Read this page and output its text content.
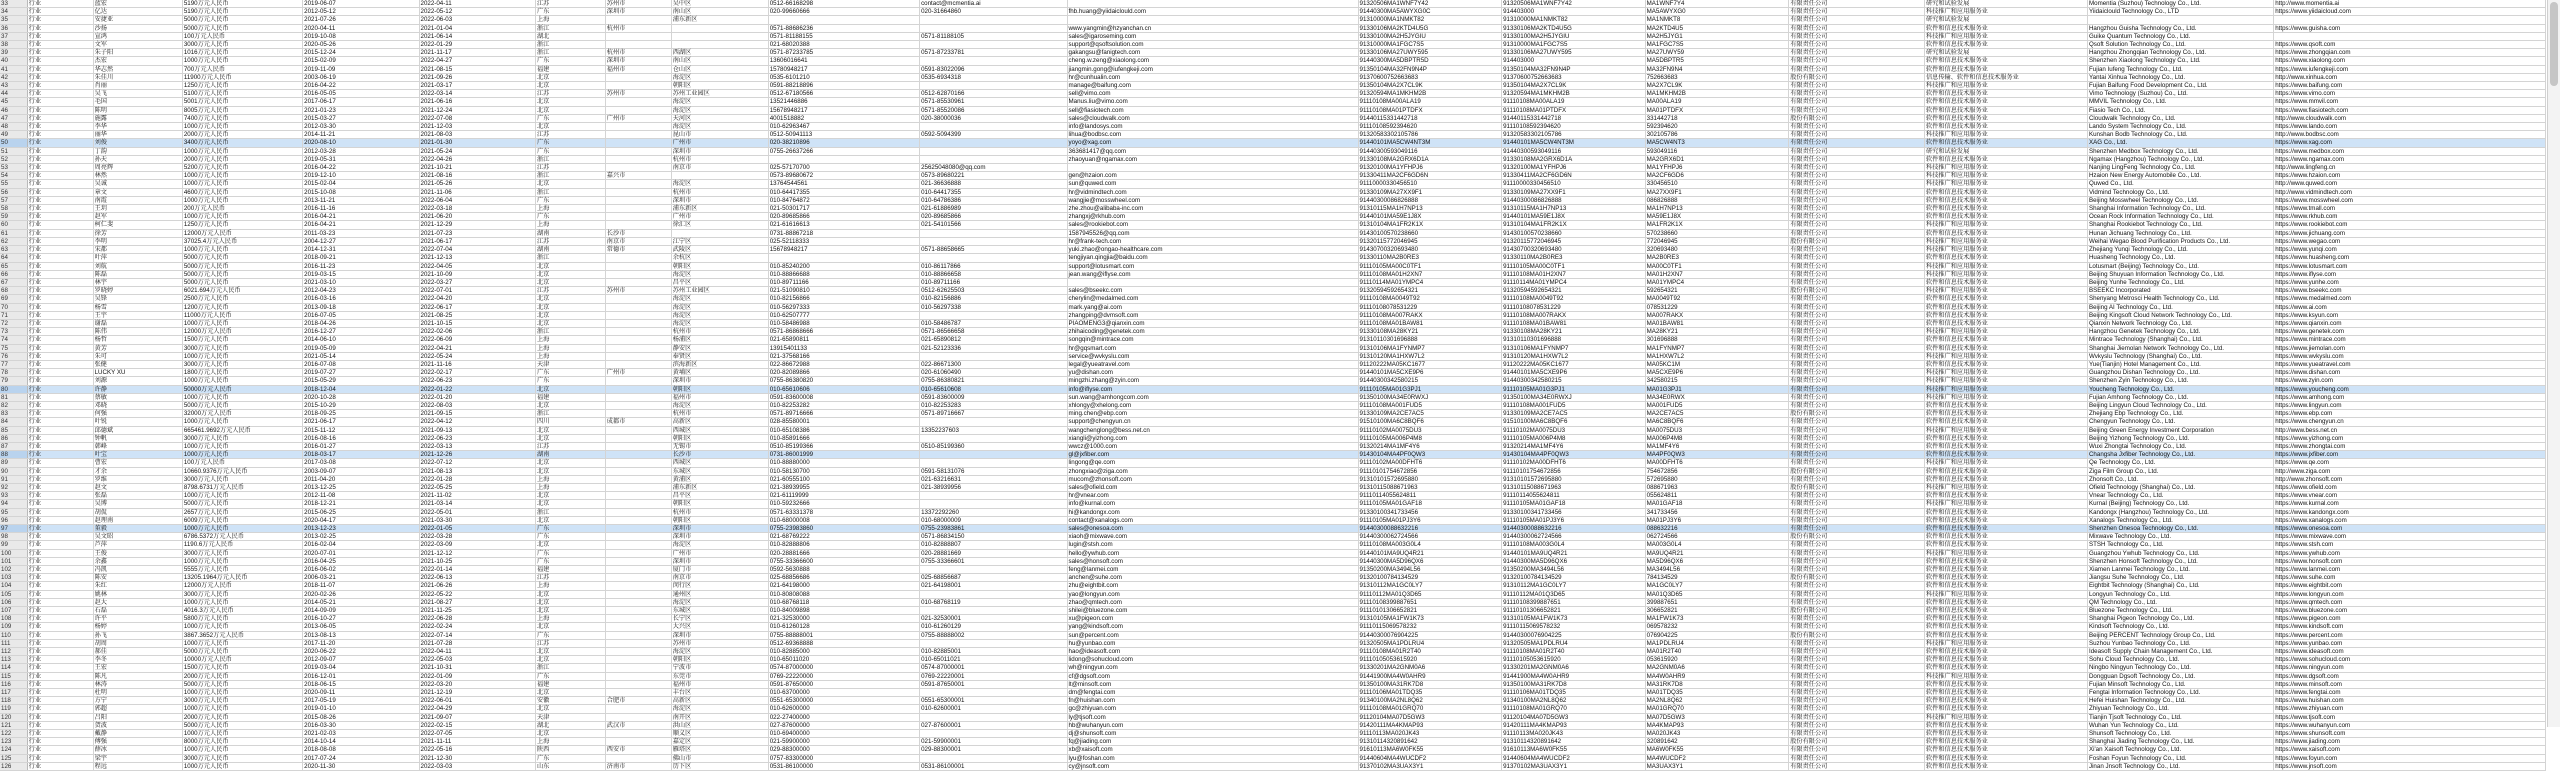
33	行业	蓝宏	5190万元人民币	2019-06-07	2022-04-11	江苏	苏州市	吴中区	0512-66168298	contact@mcmentia.ai		91320506MA1WNF7Y42	91320506MA1WNF7Y42	MA1WNF7Y4	有限责任公司	研究和试验发展	Momentia (Suzhou) Technology Co., Ltd.	http://www.momentia.ai
34	行业	亿达	5190万元人民币	2012-05-12	2022-05-12	广东	深圳市	南山区	020-99660666	020-31664860	fhb.huang@yiidaiclould.com	91440300MA5AWYXG0C	914403000	MA5AWYXG0	有限责任公司	科技推广和应用服务业	Yiidaiclould Technology Co., LTD	https://www.yiidaicloud.com
35	行业	安捷亚	5000万元人民币	2021-07-26	2022-06-03	上海		浦东新区				91310000MA1NMKT82	91310000MA1NMKT82	MA1NMKT8	有限责任公司	研究和试验发展		
36	行业	沙扬	5000万元人民币	2020-04-11	2021-01-04	浙江	杭州市		0571-88686236		www.yangmin@hzyanchan.cn	91330106MA2KTD4U5G	91330106MA2KTD4U5G	MA2KTD4U5	有限责任公司	软件和信息技术服务业	Hangzhou Guisha Technology Co., Ltd.	https://www.guisha.com
37	行业	宣鸿	100万元人民币	2019-10-08	2021-06-14	湖北			0571-81188155	0571-81188105	sales@igaroseming.com	91330100MA2H5JYGIU	91330100MA2H5JYGIU	MA2H5JYG1	有限责任公司	科技推广和应用服务业	Guike Quantum Technology Co., Ltd.	
38	行业	文军	3000万元人民币	2020-05-26	2022-01-29	浙江			021-68020388		support@qsoftsolution.com	91310000MA1FGC7S5	91310000MA1FGC7S5	MA1FGC7S5	有限责任公司	软件和信息技术服务业	Qsoft Solution Technology Co., Ltd.	https://www.qsoft.com
39	行业	朱子阳	1016万元人民币	2015-12-24	2021-11-17	浙江	杭州市	西湖区	0571-87233785	0571-87233781	gakangsu@fanigtech.com	91330106MA27UWY595	91330106MA27UWY595	MA27UWY59	有限责任公司	研究和试验发展	Hangzhou Zhongqian Technology Co., Ltd.	https://www.zhongqian.com
40	行业	杰宏	1000万元人民币	2015-02-09	2022-04-27	广东	深圳市	南山区	13606016641		cheng.w.zeng@xiaolong.com	91440300MA5DBPTR5D	914403000	MA5DBPTR5	有限责任公司	软件和信息技术服务业	Shenzhen Xiaolong Technology Co., Ltd.	https://www.xiaolong.com
41	行业	华志然	700万元人民币	2019-11-09	2021-08-15	福建	福州市	仓山区	15780948217	0591-83022096	jiangmin.gong@iufengkeji.com	91350104MA32FN9N4P	91350104MA32FN9N4P	MA32FN9N4	有限责任公司	软件和信息技术服务业	Fujian Iufeng Technology Co., Ltd.	https://www.iufengkeji.com
42	行业	朱佳川	11900万元人民币	2003-06-19	2021-09-26	北京		海淀区	0535-6101210	0535-6934318	hr@cunhualin.com	91370600752663683	91370600752663683	752663683	股份有限公司	信息传输、软件和信息技术服务业	Yantai Xinhua Technology Co., Ltd.	http://www.xinhua.com
43	行业	肖丽	1250万元人民币	2016-04-22	2021-03-17	北京		朝阳区	0591-88218896		manage@baifung.com	91350104MA2X7CL9K	91350104MA2X7CL9K	MA2X7CL9K	有限责任公司	科技推广和应用服务业	Fujian Baifung Food Development Co., Ltd.	https://www.baifung.com
44	行业	吴飞	5100万元人民币	2016-05-05	2022-03-14	江苏	苏州市	苏州工业园区	0512-67180566	0512-62870166	sell@vimo.com	91320594MA1MKHM2B	91320594MA1MKHM2B	MA1MKHM2B	有限责任公司	软件和信息技术服务业	Vimo Technology (Suzhou) Co., Ltd.	https://www.vimo.com
45	行业	毛国	5001万元人民币	2017-06-17	2021-06-16	北京		海淀区	13521446886	0571-85530961	Manus.liu@vimo.com	91110108MA00ALA19	91110108MA00ALA19	MA00ALA19	有限责任公司	软件和信息技术服务业	MMVIL Technology Co., Ltd.	https://www.mmvil.com
46	行业	陈明	8005万元人民币	2021-01-23	2021-12-24	北京		海淀区	15678948217	0571-85520086	sell@fiasiotech.com	91110108MA01PTDFX	91110108MA01PTDFX	MA01PTDFX	有限责任公司	软件和信息技术服务业	Fiasio Tech Co., Ltd.	https://www.fiasiotech.com
47	行业	施露	7400万元人民币	2015-03-27	2022-07-08	广东	广州市	天河区	4001518882	020-38000036	sales@cloudwalk.com	91440115331442718	91440115331442718	331442718	股份有限公司	软件和信息技术服务业	Cloudwalk Technology Co., Ltd.	http://www.cloudwalk.com
48	行业	李华	1000万元人民币	2012-03-30	2021-12-03	北京		海淀区	010-62963467		info@landosys.com	91110108592394620	91110108592394620	592394620	有限责任公司	软件和信息技术服务业	Lando System Technology Co., Ltd.	https://www.lando.com
49	行业	丽华	2000万元人民币	2014-11-21	2021-08-03	江苏		昆山市	0512-50941113	0592-5094399	lihua@bodbsc.com	91320583302105786	91320583302105786	302105786	有限责任公司	科技推广和应用服务业	Kunshan Bodb Technology Co., Ltd.	http://www.bodbsc.com
50	行业	刘俊	3400万元人民币	2020-08-10	2021-01-30	广东		广州市	020-38210896		yoyo@xag.com	91440101MA5CW4NT3M	91440101MA5CW4NT3M	MA5CW4NT3	有限责任公司	软件和信息技术服务业	XAG Co., Ltd.	https://www.xag.com
51	行业	丁韵	1000万元人民币	2012-03-28	2021-05-24	广东		深圳市	0755-26637266		363681417@qq.com	91440300593049116	91440300593049116	593049116	有限责任公司	研究和试验发展	Shenzhen Medbox Technology Co., Ltd.	https://www.medbox.com
52	行业	孙天	2000万元人民币	2019-05-31	2022-04-26	浙江		杭州市			zhaoyuan@ngamax.com	91330108MA2GRX6D1A	91330108MA2GRX6D1A	MA2GRX6D1	有限责任公司	软件和信息技术服务业	Ngamax (Hangzhou) Technology Co., Ltd.	https://www.ngamax.com
53	行业	周亮辉	5200万元人民币	2016-04-22	2021-10-21	江苏		南京市	025-57170700	25625048080@qq.com		91320100MA1YFHPJ6	91320100MA1YFHPJ6	MA1YFHPJ6	有限责任公司	科技推广和应用服务业	Nanjing LingFeng Technology Co., Ltd.	http://www.lingfeng.cn
54	行业	林然	1000万元人民币	2019-12-10	2021-08-16	浙江	嘉兴市		0573-89680672	0573-89680221	gen@hzaion.com	91330411MA2CF6GD6N	91330411MA2CF6GD6N	MA2CF6GD6	有限责任公司	科技推广和应用服务业	Hzaion New Energy Automobile Co., Ltd.	https://www.hzaion.com
55	行业	吴诚	1000万元人民币	2015-02-04	2021-05-26	北京		海淀区	13764544561	021-36636888	sun@quwed.com	91110000330456510	91110000330456510	330456510	有限责任公司	科技推广和应用服务业	Quwed Co., Ltd.	http://www.quwed.com
56	行业	章文	4600万元人民币	2015-10-08	2021-11-06	浙江		杭州市	010-64417355	010-64417355	hr@vidmindtech.com	91330109MA27XX9F1	91330109MA27XX9F1	MA27XX9F1	有限责任公司	软件和信息技术服务业	Vidmind Technology Co., Ltd.	http://www.vidmindtech.com
57	行业	南霞	1000万元人民币	2013-11-21	2022-06-04	广东		深圳市	010-84764872	010-64786386	wangjie@mosswheel.com	91440300086826888	91440300086826888	086826888	有限责任公司	软件和信息技术服务业	Beijing Mosswheel Technology Co., Ltd.	https://www.mosswheel.com
58	行业	王玥	200万元人民币	2016-11-16	2022-03-18	上海		浦东新区	021-50301717	021-61886989	zhe.zhou@alibaba-inc.com	91310115MA1H7NP13	91310115MA1H7NP13	MA1H7NP13	有限责任公司	软件和信息技术服务业	Shanghai Information Technology Co., Ltd.	https://www.tmall.com
59	行业	赵军	1000万元人民币	2016-04-21	2021-06-20	广东		广州市	020-89685866	020-89685866	zhangxj@rkhub.com	91440101MA59E1J8X	91440101MA59E1J8X	MA59E1J8X	有限责任公司	软件和信息技术服务业	Ocean Rock Information Technology Co., Ltd.	https://www.rkhub.com
60	行业	柯仁斐	1250万元人民币	2016-04-21	2021-12-29	上海		徐汇区	021-61616613	021-54101566	sales@rookiebot.com	91310104MA1FR2K1X	91310104MA1FR2K1X	MA1FR2K1X	有限责任公司	科技推广和应用服务业	Shanghai Rookiebot Technology Co., Ltd.	https://www.rookiebot.com
61	行业	徐芳	12000万元人民币	2011-03-23	2021-07-23	湖南	长沙市		0731-88867218		1587945526@qq.com	91430100570238660	91430100570238660	570238660	有限责任公司	软件和信息技术服务业	Hunan Jichuang Technology Co., Ltd.	https://www.jichuang.com
62	行业	李明	37025.4万元人民币	2004-12-27	2021-06-17	江苏	南京市	江宁区	025-52118333		hr@frank-tech.com	91320115772046945	91320115772046945	772046945	股份有限公司	科技推广和应用服务业	Weihai Wegao Blood Purification Products Co., Ltd.	https://www.wegao.com
63	行业	宋都	1000万元人民币	2014-12-31	2022-07-04	湖南	常德市	武陵区	15678948217	0571-88658665	yuki.zhao@ongao-healthcare.com	91430700320693480	91430700320693480	320693480	有限责任公司	科技推广和应用服务业	Zhejiang Yunqi Technology Co., Ltd.	https://www.yunqi.com
64	行业	叶萍	5000万元人民币	2018-09-21	2021-12-13	浙江		余杭区			tengjiyan.qingjia@baidu.com	91330110MA2B0RE3	91330110MA2B0RE3	MA2B0RE3	有限责任公司	软件和信息技术服务业	Huasheng Technology Co., Ltd.	https://www.huasheng.com
65	行业	刘航	5000万元人民币	2016-11-23	2022-04-05	北京		朝阳区	010-85240200	010-86117866	support@lotusmart.com	91110105MA00C0TF1	91110105MA00C0TF1	MA00C0TF1	有限责任公司	科技推广和应用服务业	Lotusmart (Beijing) Technology Co., Ltd.	https://www.lotusmart.com
66	行业	陈磊	5000万元人民币	2019-03-15	2021-10-09	北京		海淀区	010-88866688	010-88866658	jean.wang@iflyse.com	91110108MA01H2XN7	91110108MA01H2XN7	MA01H2XN7	有限责任公司	科技推广和应用服务业	Beijing Shuyuan Information Technology Co., Ltd.	https://www.iflyse.com
67	行业	林宇	5000万元人民币	2021-03-10	2022-03-27	北京		昌平区	010-89711166	010-89711166		91110114MA01YMPC4	91110114MA01YMPC4	MA01YMPC4	有限责任公司	软件和信息技术服务业	Beijing Yunhe Technology Co., Ltd.	https://www.yunhe.com
68	行业	罗晓婷	6021.694万元人民币	2012-04-23	2022-07-01	江苏	苏州市	苏州工业园区	021-51090810	0512-62625503	sales@bseekc.com	91320594592654321	91320594592654321	592654321	股份有限公司	科技推广和应用服务业	BSEEKC Incorporated	https://www.bseekc.com
69	行业	吴锋	2500万元人民币	2016-03-16	2022-04-20	北京		海淀区	010-82156866	010-82156886	cherylin@medalmed.com	91110108MA0049T92	91110108MA0049T92	MA0049T92	有限责任公司	软件和信息技术服务业	Shenyang Metrosci Health Technology Co., Ltd.	https://www.medalmed.com
70	行业	杨雪	1200万元人民币	2013-09-18	2022-06-17	北京		海淀区	010-56297333	010-56297338	mark.yang@ai.com	91110108078531229	91110108078531229	078531229	有限责任公司	软件和信息技术服务业	Beijing AI Technology Co., Ltd.	https://www.ai.com
71	行业	王宇	11000万元人民币	2016-07-05	2021-08-25	北京		海淀区	010-62507777		zhangping@dvmsoft.com	91110108MA007RAKX	91110108MA007RAKX	MA007RAKX	有限责任公司	软件和信息技术服务业	Beijing Kingsoft Cloud Network Technology Co., Ltd.	https://www.ksyun.com
72	行业	谢磊	1000万元人民币	2018-04-26	2021-10-15	北京		海淀区	010-58486988	010-58486787	PIAOMENG3@qianxin.com	91110108MA01BAW81	91110108MA01BAW81	MA01BAW81	有限责任公司	软件和信息技术服务业	Qianxin Network Technology Co., Ltd.	https://www.qianxin.com
73	行业	陈伟	12000万元人民币	2016-12-27	2022-02-06	浙江		杭州市	0571-86868666	0571-86566658	zhihaicoding@genetek.com	91330108MA28KY21	91330108MA28KY21	MA28KY21	有限责任公司	科技推广和应用服务业	Hangzhou Genetek Technology Co., Ltd.	https://www.genetek.com
74	行业	杨哲	1500万元人民币	2014-06-10	2022-06-09	上海		杨浦区	021-65890811	021-65890812	songqin@mintrace.com	91310110301696888	91310110301696888	301696888	有限责任公司	软件和信息技术服务业	Mintrace Technology (Shanghai) Co., Ltd.	https://www.mintrace.com
75	行业	黄芳	3000万元人民币	2019-05-09	2022-04-21	上海		静安区	13915401133	021-52123336	hr@gqsmart.com	91310106MA1FYNMP7	91310106MA1FYNMP7	MA1FYNMP7	有限责任公司	软件和信息技术服务业	Shanghai Jiemolan Network Technology Co., Ltd.	https://www.jiemolan.com
76	行业	朱可	1000万元人民币	2021-05-14	2022-05-24	上海		奉贤区	021-37568166		service@wvkyslu.com	91310120MA1HXW7L2	91310120MA1HXW7L2	MA1HXW7L2	有限责任公司	科技推广和应用服务业	Wvkyslu Technology (Shanghai) Co., Ltd.	https://www.wvkyslu.com
77	行业	张健	3000万元人民币	2016-07-08	2021-11-16	天津		滨海新区	022-86672988	022-86671300	legal@yueatravel.com	91120222MA05KC1677	91120222MA05KC1677	MA05KC1M	有限责任公司	软件和信息技术服务业	Yue(Tianjin) Hotel Management Co., Ltd.	https://www.yueatravel.com
78	行业	LUCKY XU	1800万元人民币	2019-07-27	2022-02-17	广东	广州市	黄埔区	020-82089866	020-61060490	yu@dishan.com	91440101MA5CXE9P6	91440101MA5CXE9P6	MA5CXE9P6	有限责任公司	科技推广和应用服务业	Guangzhou Dishan Technology Co., Ltd.	https://www.dishan.com
79	行业	刘源	1000万元人民币	2015-05-29	2022-06-23	广东		深圳市	0755-86380820	0755-86380821	mingzhi.zhang@zyin.com	91440300342580215	91440300342580215	342580215	有限责任公司	科技推广和应用服务业	Shenzhen Zyin Technology Co., Ltd.	https://www.zyin.com
80	行业	许静	50000万元人民币	2018-12-04	2022-01-22	北京		朝阳区	010-65610606	010-65610608	info@iflyse.com	91110105MA01G3PJ1	91110105MA01G3PJ1	MA01G3PJ1	有限责任公司	科技推广和应用服务业	Youcheng Technology Co., Ltd.	https://www.youcheng.com
81	行业	蔡敏	1000万元人民币	2020-10-28	2022-01-20	福建		福州市	0591-83600008	0591-83600009	sun.wang@amhongcom.com	91350100MA34E0RWXJ	91350100MA34E0RWXJ	MA34E0RWX	有限责任公司	科技推广和应用服务业	Fujian Amhong Technology Co., Ltd.	https://www.amhong.com
82	行业	邓晓	5000万元人民币	2015-10-29	2022-08-03	北京		海淀区	010-82253282	010-82253283	xhlongy@xhelong.com	91110108MA001FUD5	91110108MA001FUD5	MA001FUD5	有限责任公司	软件和信息技术服务业	Beijing Lingyun Cloud Technology Co., Ltd.	https://www.lingyun.com
83	行业	何强	32000万元人民币	2018-09-25	2021-09-15	浙江		杭州市	0571-89716666	0571-89716667	ming.chen@ebp.com	91330109MA2CE7AC5	91330109MA2CE7AC5	MA2CE7AC5	股份有限公司	软件和信息技术服务业	Zhejiang Ebp Technology Co., Ltd.	https://www.ebp.com
84	行业	叶锐	1000万元人民币	2021-06-17	2022-04-12	四川	成都市	高新区	028-85580001		support@chengyun.cn	91510100MA6C8BQF6	91510100MA6C8BQF6	MA6C8BQF6	有限责任公司	软件和信息技术服务业	Chengyun Technology Co., Ltd.	https://www.chengyun.cn
85	行业	邱德斌	665461.9692万元人民币	2015-11-12	2021-09-13	北京		西城区	010-65108386	13352237603	wangchenglong@bess.net.cn	91110102MA0075DU3	91110102MA0075DU3	MA0075DU3	有限责任公司	科技推广和应用服务业	Beijing Green Energy Investment Corporation	http://www.bess.net.cn
86	行业	钟帆	3000万元人民币	2016-08-16	2022-06-23	北京		朝阳区	010-85891666		xiangli@yizhong.com	91110105MA006P4M8	91110105MA006P4M8	MA006P4M8	有限责任公司	软件和信息技术服务业	Beijing Yizhong Technology Co., Ltd.	https://www.yizhong.com
87	行业	韩峰	1000万元人民币	2016-01-27	2022-03-13	江苏		无锡市	0510-85199366	0510-85199360	wwcz@1000.com	91320214MA1MF4Y6	91320214MA1MF4Y6	MA1MF4Y6	有限责任公司	软件和信息技术服务业	Wuxi Zhongtai Technology Co., Ltd.	https://www.zhongtai.com
88	行业	叶宝	1000万元人民币	2018-03-17	2021-12-26	湖南		长沙市	0731-86001999		gl@jxfiber.com	91430104MA4PF0QW3	91430104MA4PF0QW3	MA4PF0QW3	有限责任公司	软件和信息技术服务业	Changsha Jxfiber Technology Co., Ltd.	https://www.jxfiber.com
89	行业	曹宏	100万元人民币	2017-03-08	2022-07-12	北京		西城区	010-88880000		lingong@qe.com	91110102MA00DFHT6	91110102MA00DFHT6	MA00DFHT6	有限责任公司	科技推广和应用服务业	Qe Technology Co., Ltd.	https://www.qe.com
90	行业	才余	10660.9376万元人民币	2003-09-07	2021-08-13	北京		东城区	010-58130700	0591-58131076	zhongxiao@ziga.com	91110101754672856	91110101754672856	754672856	股份有限公司	软件和信息技术服务业	Ziga Film Group Co., Ltd.	http://www.ziga.com
91	行业	罗维	3000万元人民币	2011-04-20	2022-01-28	上海		黄浦区	021-60555100	021-63216631	mucom@zhonsoft.com	91310101572695880	91310101572695880	572695880	有限责任公司	软件和信息技术服务业	Zhonsoft Co., Ltd.	http://www.zhonsoft.com
92	行业	赵文	8798.6731万元人民币	2013-12-25	2022-05-25	上海		浦东新区	021-38939955	021-38939956	sales@ofield.com	91310115088671963	91310115088671963	088671963	股份有限公司	科技推广和应用服务业	Ofield Technology (Shanghai) Co., Ltd.	https://www.ofield.com
93	行业	张磊	1000万元人民币	2012-11-08	2021-11-02	北京		昌平区	021-61119999		hr@vnear.com	91110114055624811	91110114055624811	055624811	有限责任公司	软件和信息技术服务业	Vnear Technology Co., Ltd.	https://www.vnear.com
94	行业	吴博	5000万元人民币	2018-12-21	2021-03-14	北京		朝阳区	010-59232666		info@kurnal.com	91110105MA01GAF18	91110105MA01GAF18	MA01GAF18	有限责任公司	科技推广和应用服务业	Kurnal (Beijing) Technology Co., Ltd.	https://www.kurnal.com
95	行业	胡侃	2657万元人民币	2015-06-25	2022-05-01	浙江		杭州市	0571-63331378	13372292260	hi@kandongx.com	91330100341733456	91330100341733456	341733456	有限责任公司	软件和信息技术服务业	Kandongx (Hangzhou) Technology Co., Ltd.	https://www.kandongx.com
96	行业	赵理南	6009万元人民币	2020-04-17	2021-03-30	北京		朝阳区	010-68000008	010-68000009	contact@xanalogs.com	91110105MA01PJ3Y6	91110105MA01PJ3Y6	MA01PJ3Y6	有限责任公司	软件和信息技术服务业	Xanalogs Technology Co., Ltd.	https://www.xanalogs.com
97	行业	董毅	1000万元人民币	2013-12-23	2022-01-05	广东		深圳市	0755-23983860	0755-23983861	sales@onesoa.com	91440300088632216	91440300088632216	088632216	有限责任公司	软件和信息技术服务业	Shenzhen Onesoa Technology Co., Ltd.	https://www.onesoa.com
98	行业	吴文昭	6786.5372万元人民币	2013-02-25	2022-03-28	广东		深圳市	021-68769222	0571-86834150	xiaoh@mixwave.com	91440300062724566	91440300062724566	062724566	股份有限公司	软件和信息技术服务业	Mixwave Technology Co., Ltd.	https://www.mixwave.com
99	行业	芦萍	1190.6万元人民币	2016-02-04	2022-03-09	北京		海淀区	010-82888806	010-82888807	lugin@stsh.com	91110108MA003G0L4	91110108MA003G0L4	MA003G0L4	有限责任公司	软件和信息技术服务业	STSH Technology Co., Ltd.	https://www.stsh.com
100	行业	王俊	3000万元人民币	2020-07-01	2021-12-12	广东		广州市	020-28881666	020-28881669	hello@ywhub.com	91440101MA9UQ4R21	91440101MA9UQ4R21	MA9UQ4R21	有限责任公司	科技推广和应用服务业	Guangzhou Ywhub Technology Co., Ltd.	https://www.ywhub.com
101	行业	余鑫	1000万元人民币	2016-04-25	2021-10-25	广东		深圳市	0755-33366600	0755-33366601	sales@honsoft.com	91440300MA5D96QX6	91440300MA5D96QX6	MA5D96QX6	有限责任公司	软件和信息技术服务业	Shenzhen Honsoft Technology Co., Ltd.	https://www.honsoft.com
102	行业	冯凯	5555万元人民币	2016-06-02	2022-01-14	福建		厦门市	0592-5630888		feng@lanmei.com	91350200MA3494L56	91350200MA3494L56	MA3494L56	有限责任公司	软件和信息技术服务业	Xiamen Lanmei Technology Co., Ltd.	https://www.lanmei.com
103	行业	陈安	13205.1964万元人民币	2006-03-21	2022-06-13	江苏		南京市	025-68856686	025-68856687	anchen@suhe.com	91320100784134529	91320100784134529	784134529	股份有限公司	软件和信息技术服务业	Jiangsu Suhe Technology Co., Ltd.	https://www.suhe.com
104	行业	朱红	12000万元人民币	2018-11-07	2021-06-26	上海		闵行区	021-64198000	021-64198001	zhu@eightbit.com	91310112MA1GC0LY7	91310112MA1GC0LY7	MA1GC0LY7	有限责任公司	软件和信息技术服务业	Eightbit Technology (Shanghai) Co., Ltd.	https://www.eightbit.com
105	行业	姚林	3000万元人民币	2020-02-26	2022-05-22	北京		通州区	010-80808088		yao@longyun.com	91110112MA01Q3D65	91110112MA01Q3D65	MA01Q3D65	有限责任公司	科技推广和应用服务业	Longyun Technology Co., Ltd.	https://www.longyun.com
106	行业	赵大	1000万元人民币	2014-05-21	2021-08-27	北京		海淀区	010-68768118	010-68768119	zhao@qmtech.com	91110108399887651	91110108399887651	399887651	有限责任公司	软件和信息技术服务业	QM Technology Co., Ltd.	https://www.qmtech.com
107	行业	石磊	4016.3万元人民币	2014-09-09	2021-11-25	北京		东城区	010-84009898		shilei@bluezone.com	91110101306652821	91110101306652821	306652821	股份有限公司	软件和信息技术服务业	Bluezone Technology Co., Ltd.	https://www.bluezone.com
108	行业	许平	5800万元人民币	2016-10-27	2022-06-28	上海		长宁区	021-32530000	021-32530001	xu@pigeon.com	91310105MA1FW1K73	91310105MA1FW1K73	MA1FW1K73	有限责任公司	软件和信息技术服务业	Shanghai Pigeon Technology Co., Ltd.	https://www.pigeon.com
109	行业	杨婷	1000万元人民币	2013-06-05	2022-02-24	北京		大兴区	010-61260128	010-61260129	yang@kindsoft.com	91110115069578232	91110115069578232	069578232	有限责任公司	软件和信息技术服务业	Kindsoft Technology Co., Ltd.	https://www.kindsoft.com
110	行业	孙飞	3867.3652万元人民币	2013-08-13	2022-07-14	广东		深圳市	0755-88888001	0755-88888002	sun@percent.com	91440300076904225	91440300076904225	076904225	股份有限公司	软件和信息技术服务业	Beijing PERCENT Technology Group Co., Ltd.	https://www.percent.com
111	行业	胡周	1000万元人民币	2017-11-20	2021-07-28	江苏		苏州市	0512-69368888		hu@yunbao.com	91320505MA1PDLRU4	91320505MA1PDLRU4	MA1PDLRU4	有限责任公司	科技推广和应用服务业	Suzhou Yunbao Technology Co., Ltd.	https://www.yunbao.com
112	行业	郝佳	5000万元人民币	2020-06-22	2022-04-11	北京		海淀区	010-82885000	010-82885001	hao@ideasoft.com	91110108MA01R2T40	91110108MA01R2T40	MA01R2T40	有限责任公司	软件和信息技术服务业	Ideasoft Supply Chain Management Co., Ltd.	https://www.ideasoft.com
113	行业	李冬	10000万元人民币	2012-09-07	2022-05-03	北京		朝阳区	010-65011020	010-65011021	lidong@sohucloud.com	91110105053615920	91110105053615920	053615920	有限责任公司	软件和信息技术服务业	Sohu Cloud Technology Co., Ltd.	https://www.sohucloud.com
114	行业	王宏	1500万元人民币	2019-03-04	2021-10-31	浙江		宁波市	0574-87000000	0574-87000001	wh@ningyun.com	91330201MA2GNM0A6	91330201MA2GNM0A6	MA2GNM0A6	有限责任公司	软件和信息技术服务业	Ningbo Ningyun Technology Co., Ltd.	https://www.ningyun.com
115	行业	陈凡	2000万元人民币	2016-12-01	2022-01-09	广东		东莞市	0769-22220000	0769-22220001	cf@dgsoft.com	91441900MA4W0AHR9	91441900MA4W0AHR9	MA4W0AHR9	有限责任公司	科技推广和应用服务业	Dongguan Dgsoft Technology Co., Ltd.	https://www.dgsoft.com
116	行业	林涛	5000万元人民币	2018-06-15	2022-03-20	福建		福州市	0591-87650000	0591-87650001	lt@minsoft.com	91350100MA31RK7D8	91350100MA31RK7D8	MA31RK7D8	有限责任公司	软件和信息技术服务业	Fujian Minsoft Technology Co., Ltd.	https://www.minsoft.com
117	行业	杜明	1000万元人民币	2020-09-11	2021-12-19	北京		丰台区	010-63700000		dm@fengtai.com	91110106MA01TDQ35	91110106MA01TDQ35	MA01TDQ35	有限责任公司	软件和信息技术服务业	Fengtai Information Technology Co., Ltd.	https://www.fengtai.com
118	行业	方宁	3000万元人民币	2017-05-19	2022-06-01	安徽	合肥市	高新区	0551-65300000	0551-65300001	fn@huishan.com	91340100MA2NL8Q62	91340100MA2NL8Q62	MA2NL8Q62	有限责任公司	软件和信息技术服务业	Hefei Huishan Technology Co., Ltd.	https://www.huishan.com
119	行业	郭超	1000万元人民币	2019-01-10	2022-04-29	北京		海淀区	010-62600000	010-62600001	gc@zhiyuan.com	91110108MA01GRQ70	91110108MA01GRQ70	MA01GRQ70	有限责任公司	软件和信息技术服务业	Zhiyuan Technology Co., Ltd.	https://www.zhiyuan.com
120	行业	吕阳	2000万元人民币	2015-08-26	2021-09-07	天津		南开区	022-27400000		ly@tjsoft.com	91120104MA07D5GW3	91120104MA07D5GW3	MA07D5GW3	有限责任公司	科技推广和应用服务业	Tianjin Tjsoft Technology Co., Ltd.	https://www.tjsoft.com
121	行业	贺波	5000万元人民币	2016-03-30	2022-02-15	湖北	武汉市	洪山区	027-87600000	027-87600001	hb@wuhanyun.com	91420111MA4KMAP93	91420111MA4KMAP93	MA4KMAP93	有限责任公司	软件和信息技术服务业	Wuhan Yun Technology Co., Ltd.	https://www.wuhanyun.com
122	行业	戴静	1000万元人民币	2021-02-03	2022-07-05	北京		顺义区	010-69400000		dj@shunsoft.com	91110113MA020JK43	91110113MA020JK43	MA020JK43	有限责任公司	软件和信息技术服务业	Shunsoft Technology Co., Ltd.	https://www.shunsoft.com
123	行业	傅强	8000万元人民币	2014-10-14	2021-11-11	上海		嘉定区	021-59900000	021-59900001	fq@jiading.com	91310114320891642	91310114320891642	320891642	股份有限公司	软件和信息技术服务业	Shanghai Jiading Technology Co., Ltd.	https://www.jiading.com
124	行业	薛冰	1000万元人民币	2018-08-08	2022-05-16	陕西	西安市	雁塔区	029-88300000	029-88300001	xb@xaisoft.com	91610113MA6W0FK55	91610113MA6W0FK55	MA6W0FK55	有限责任公司	软件和信息技术服务业	Xi'an Xaisoft Technology Co., Ltd.	https://www.xaisoft.com
125	行业	梁宇	3000万元人民币	2017-07-24	2021-12-30	广东		佛山市	0757-83300000		lyu@foshan.com	91440604MA4WUCDF2	91440604MA4WUCDF2	MA4WUCDF2	有限责任公司	软件和信息技术服务业	Foshan Foyun Technology Co., Ltd.	https://www.foyun.com
126	行业	程远	1000万元人民币	2020-11-30	2022-03-03	山东	济南市	历下区	0531-86100000	0531-86100001	cy@jnsoft.com	91370102MA3UAX3Y1	91370102MA3UAX3Y1	MA3UAX3Y1	有限责任公司	软件和信息技术服务业	Jinan Jnsoft Technology Co., Ltd.	https://www.jnsoft.com
